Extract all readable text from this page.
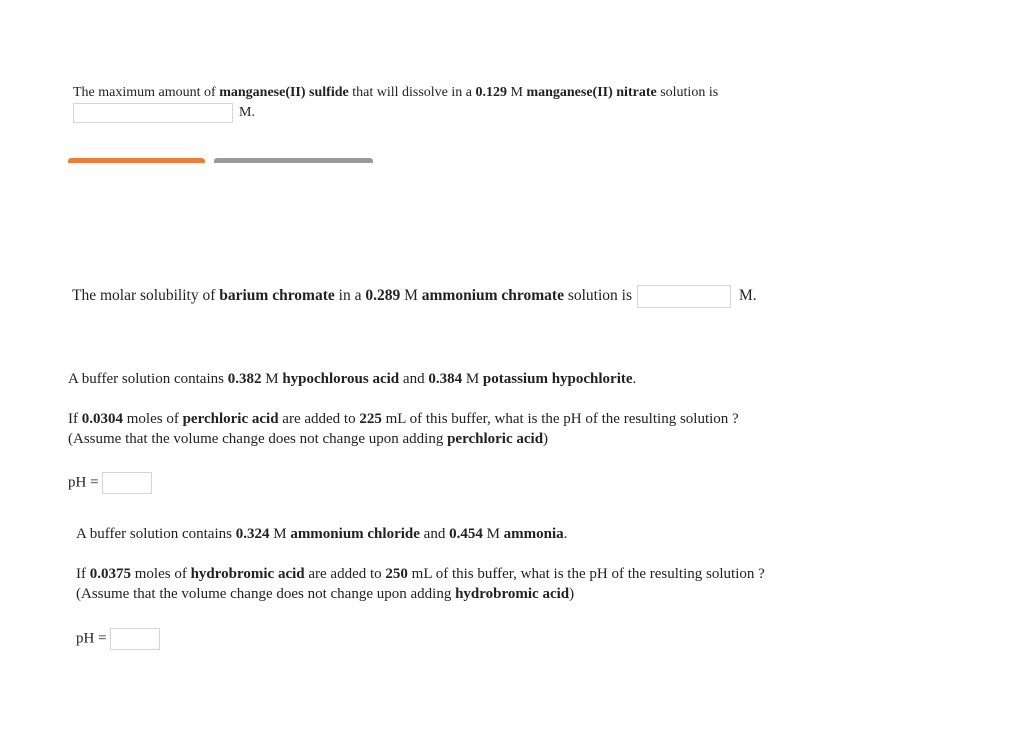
The maximum amount of manganese(II) sulfide that will dissolve in a 0.129 M manganese(II) nitrate solution is
M.
The molar solubility of barium chromate in a 0.289 M ammonium chromate solution is	M.

A buffer solution contains 0.382 M hypochlorous acid and 0.384 M potassium hypochlorite.

If 0.0304 moles of perchloric acid are added to 225 mL of this buffer, what is the pH of the resulting solution ?

(Assume that the volume change does not change upon adding perchloric acid)

pH =

A buffer solution contains 0.324 M ammonium chloride and 0.454 M ammonia.

If 0.0375 moles of hydrobromic acid are added to 250 mL of this buffer, what is the pH of the resulting solution ?

(Assume that the volume change does not change upon adding hydrobromic acid)

pH =
